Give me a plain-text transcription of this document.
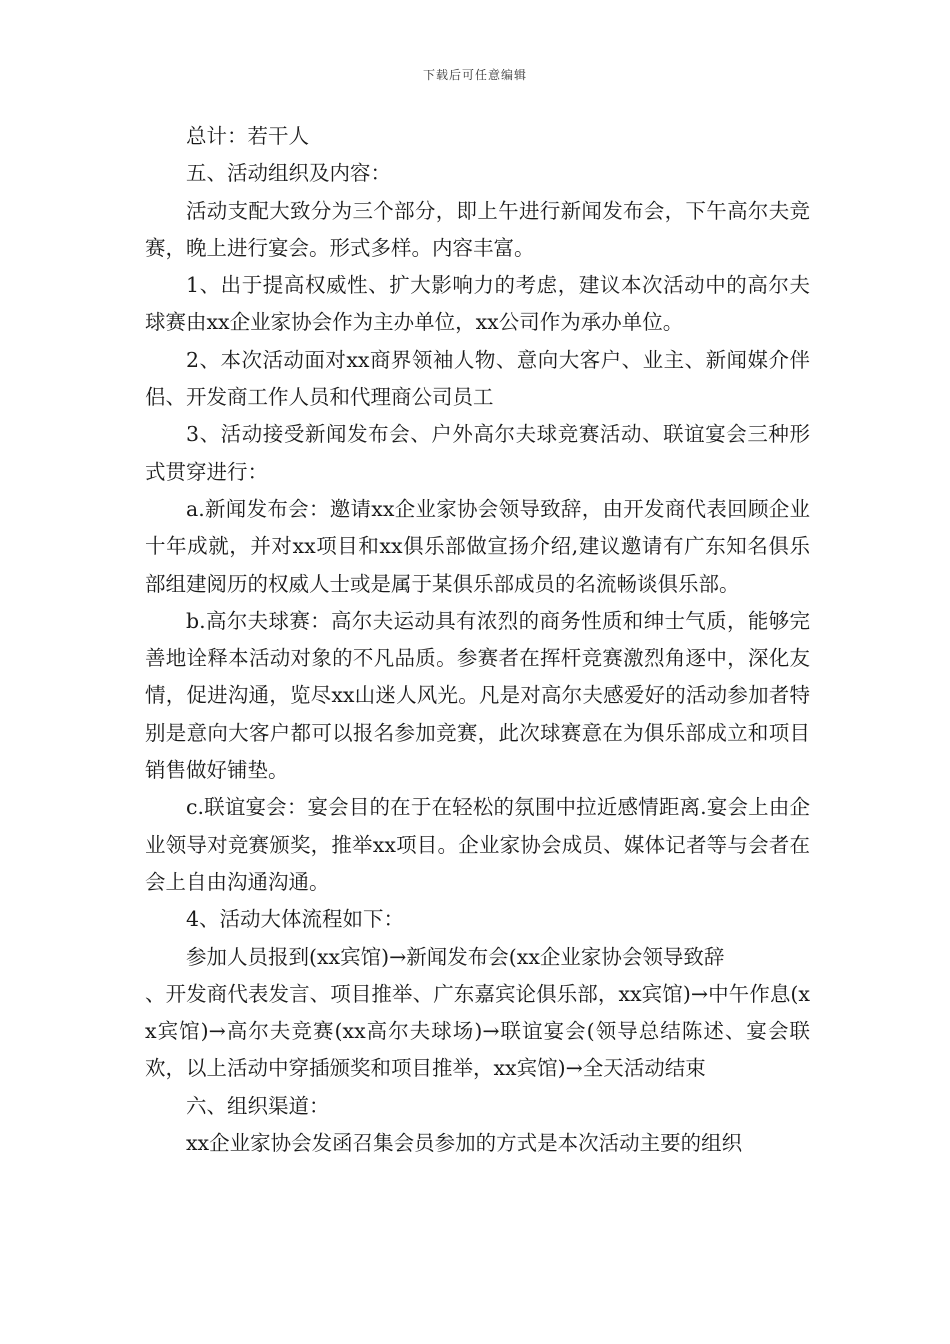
下载后可任意编辑

总计：若干人

五、活动组织及内容：

活动支配大致分为三个部分，即上午进行新闻发布会，下午高尔夫竞赛，晚上进行宴会。形式多样。内容丰富。

1、出于提高权威性、扩大影响力的考虑，建议本次活动中的高尔夫球赛由xx企业家协会作为主办单位，xx公司作为承办单位。

2、本次活动面对xx商界领袖人物、意向大客户、业主、新闻媒介伴侣、开发商工作人员和代理商公司员工

3、活动接受新闻发布会、户外高尔夫球竞赛活动、联谊宴会三种形式贯穿进行：

a.新闻发布会：邀请xx企业家协会领导致辞，由开发商代表回顾企业十年成就，并对xx项目和xx俱乐部做宣扬介绍,建议邀请有广东知名俱乐部组建阅历的权威人士或是属于某俱乐部成员的名流畅谈俱乐部。

b.高尔夫球赛：高尔夫运动具有浓烈的商务性质和绅士气质，能够完善地诠释本活动对象的不凡品质。参赛者在挥杆竞赛激烈角逐中，深化友情，促进沟通，览尽xx山迷人风光。凡是对高尔夫感爱好的活动参加者特别是意向大客户都可以报名参加竞赛，此次球赛意在为俱乐部成立和项目销售做好铺垫。

c.联谊宴会：宴会目的在于在轻松的氛围中拉近感情距离.宴会上由企业领导对竞赛颁奖，推举xx项目。企业家协会成员、媒体记者等与会者在会上自由沟通沟通。

4、活动大体流程如下：

参加人员报到(xx宾馆)→新闻发布会(xx企业家协会领导致辞

、开发商代表发言、项目推举、广东嘉宾论俱乐部，xx宾馆)→中午作息(xx宾馆)→高尔夫竞赛(xx高尔夫球场)→联谊宴会(领导总结陈述、宴会联欢，以上活动中穿插颁奖和项目推举，xx宾馆)→全天活动结束

六、组织渠道：

xx企业家协会发函召集会员参加的方式是本次活动主要的组织
